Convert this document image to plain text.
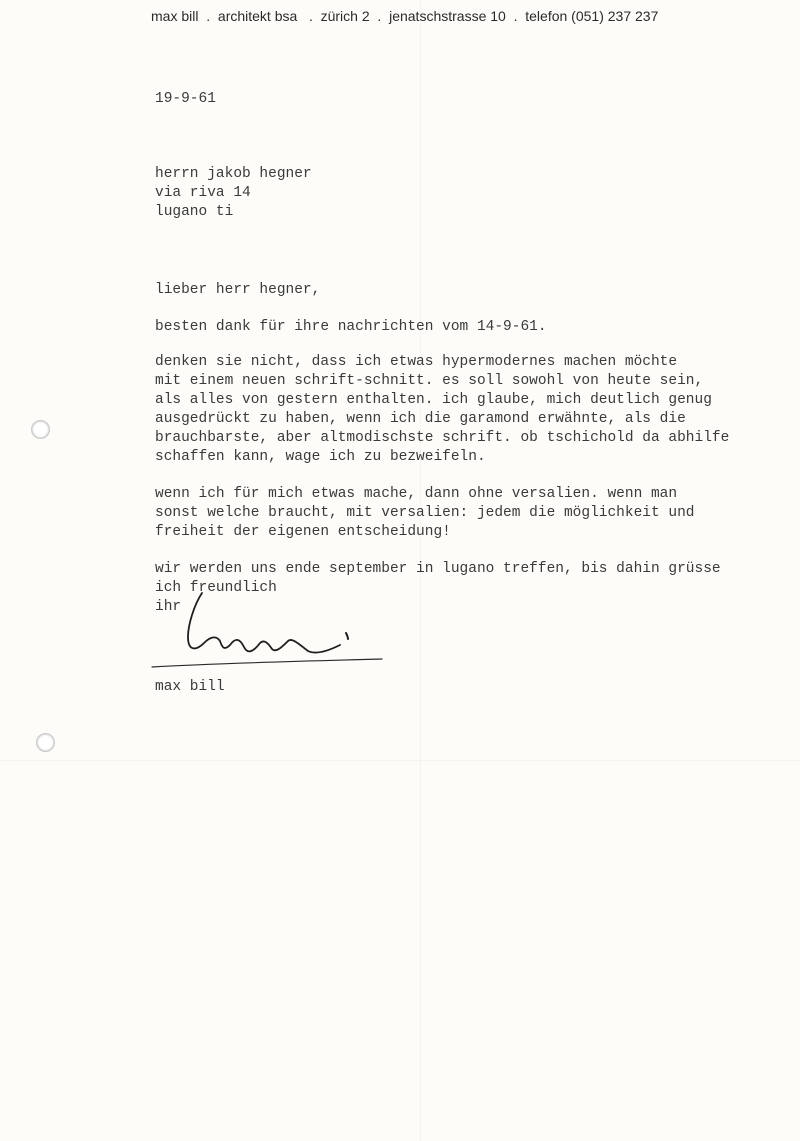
max bill  .  architekt bsa   .  zürich 2  .  jenatschstrasse 10  .  telefon (051) 237 237
19-9-61
herrn jakob hegner
via riva 14
lugano ti
lieber herr hegner,
besten dank für ihre nachrichten vom 14-9-61.
denken sie nicht, dass ich etwas hypermodernes machen möchte
mit einem neuen schrift-schnitt. es soll sowohl von heute sein,
als alles von gestern enthalten. ich glaube, mich deutlich genug
ausgedrückt zu haben, wenn ich die garamond erwähnte, als die
brauchbarste, aber altmodischste schrift. ob tschichold da abhilfe
schaffen kann, wage ich zu bezweifeln.
wenn ich für mich etwas mache, dann ohne versalien. wenn man
sonst welche braucht, mit versalien: jedem die möglichkeit und
freiheit der eigenen entscheidung!
wir werden uns ende september in lugano treffen, bis dahin grüsse
ich freundlich
ihr
max bill
